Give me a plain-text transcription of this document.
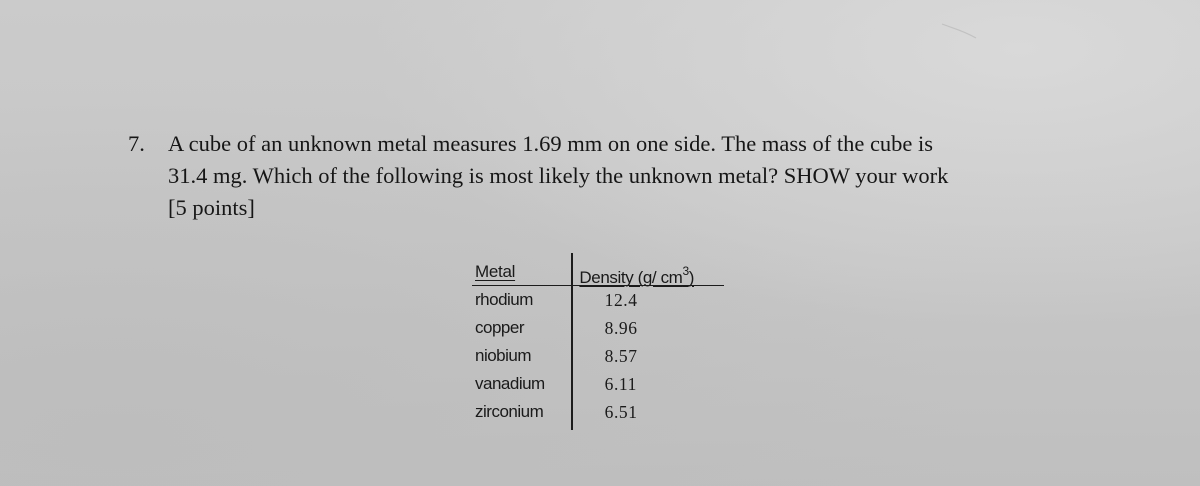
7. A cube of an unknown metal measures 1.69 mm on one side. The mass of the cube is
31.4 mg. Which of the following is most likely the unknown metal? SHOW your work
[5 points]
Metal	Density (g/ $cm^3$)
rhodium	12.4
copper	8.96
niobium	8.57
vanadium	6.11
zirconium	6.51
